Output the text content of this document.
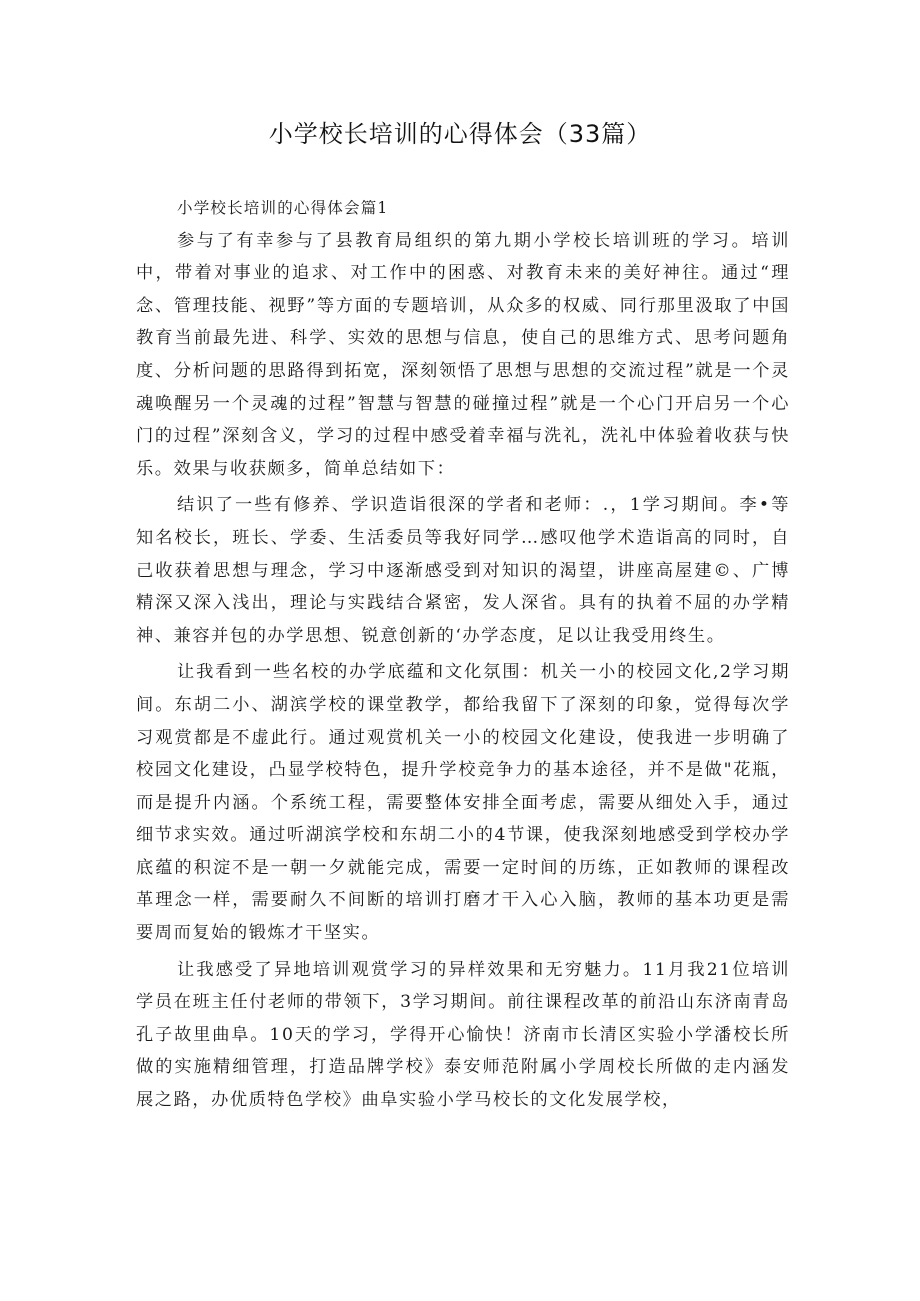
小学校长培训的心得体会（33篇）

小学校长培训的心得体会篇1

参与了有幸参与了县教育局组织的第九期小学校长培训班的学习。培训中，带着对事业的追求、对工作中的困惑、对教育未来的美好神往。通过“理念、管理技能、视野”等方面的专题培训，从众多的权威、同行那里汲取了中国教育当前最先进、科学、实效的思想与信息，使自己的思维方式、思考问题角度、分析问题的思路得到拓宽，深刻领悟了思想与思想的交流过程”就是一个灵魂唤醒另一个灵魂的过程”智慧与智慧的碰撞过程”就是一个心门开启另一个心门的过程”深刻含义，学习的过程中感受着幸福与洗礼，洗礼中体验着收获与快乐。效果与收获颇多，简单总结如下：

结识了一些有修养、学识造诣很深的学者和老师：.，1学习期间。李•等知名校长，班长、学委、生活委员等我好同学…感叹他学术造诣高的同时，自己收获着思想与理念，学习中逐渐感受到对知识的渴望，讲座高屋建©、广博精深又深入浅出，理论与实践结合紧密，发人深省。具有的执着不屈的办学精神、兼容并包的办学思想、锐意创新的‘办学态度，足以让我受用终生。

让我看到一些名校的办学底蕴和文化氛围：机关一小的校园文化,2学习期间。东胡二小、湖滨学校的课堂教学，都给我留下了深刻的印象，觉得每次学习观赏都是不虚此行。通过观赏机关一小的校园文化建设，使我进一步明确了校园文化建设，凸显学校特色，提升学校竞争力的基本途径，并不是做"花瓶，而是提升内涵。个系统工程，需要整体安排全面考虑，需要从细处入手，通过细节求实效。通过听湖滨学校和东胡二小的4节课，使我深刻地感受到学校办学底蕴的积淀不是一朝一夕就能完成，需要一定时间的历练，正如教师的课程改革理念一样，需要耐久不间断的培训打磨才干入心入脑，教师的基本功更是需要周而复始的锻炼才干坚实。

让我感受了异地培训观赏学习的异样效果和无穷魅力。11月我21位培训学员在班主任付老师的带领下，3学习期间。前往课程改革的前沿山东济南青岛孔子故里曲阜。10天的学习，学得开心愉快！济南市长清区实验小学潘校长所做的实施精细管理，打造品牌学校》泰安师范附属小学周校长所做的走内涵发展之路，办优质特色学校》曲阜实验小学马校长的文化发展学校，
